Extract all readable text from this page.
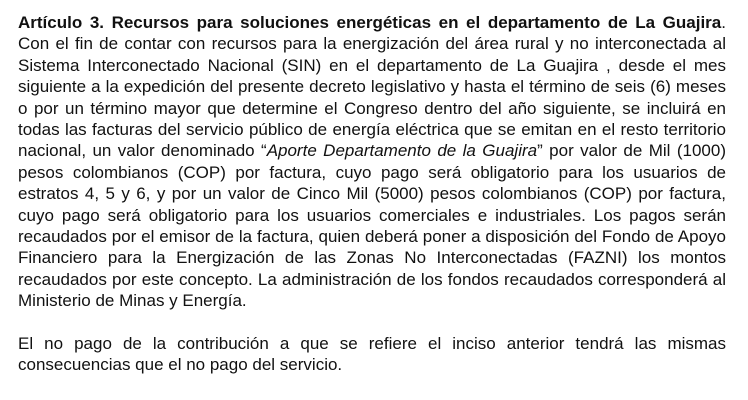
Artículo 3. Recursos para soluciones energéticas en el departamento de La Guajira. Con el fin de contar con recursos para la energización del área rural y no interconectada al Sistema Interconectado Nacional (SIN) en el departamento de La Guajira , desde el mes siguiente a la expedición del presente decreto legislativo y hasta el término de seis (6) meses o por un término mayor que determine el Congreso dentro del año siguiente, se incluirá en todas las facturas del servicio público de energía eléctrica que se emitan en el resto territorio nacional, un valor denominado “Aporte Departamento de la Guajira” por valor de Mil (1000) pesos colombianos (COP) por factura, cuyo pago será obligatorio para los usuarios de estratos 4, 5 y 6, y por un valor de Cinco Mil (5000) pesos colombianos (COP) por factura, cuyo pago será obligatorio para los usuarios comerciales e industriales. Los pagos serán recaudados por el emisor de la factura, quien deberá poner a disposición del Fondo de Apoyo Financiero para la Energización de las Zonas No Interconectadas (FAZNI) los montos recaudados por este concepto. La administración de los fondos recaudados corresponderá al Ministerio de Minas y Energía.

El no pago de la contribución a que se refiere el inciso anterior tendrá las mismas consecuencias que el no pago del servicio.
